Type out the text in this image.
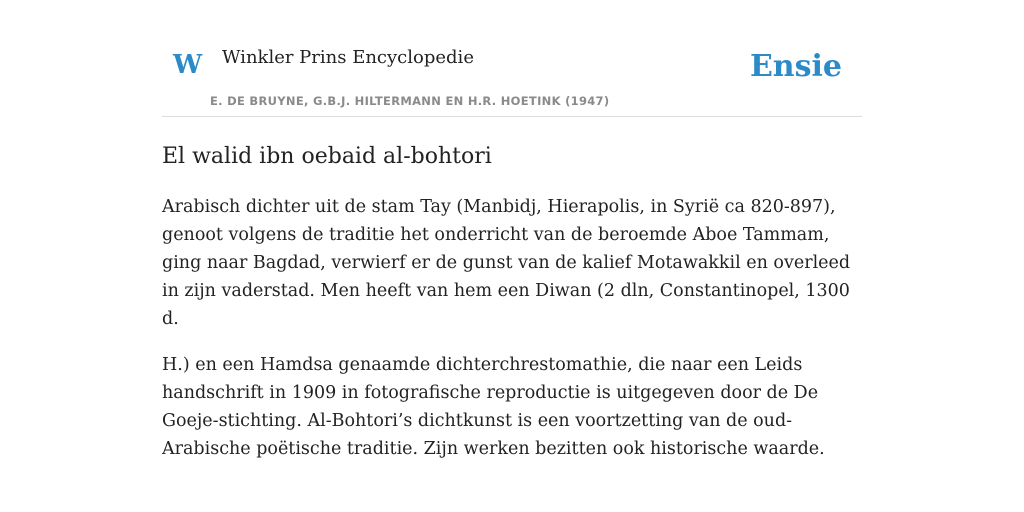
W Winkler Prins Encyclopedie
E. DE BRUYNE, G.B.J. HILTERMANN EN H.R. HOETINK (1947)
Ensie
El walid ibn oebaid al-bohtori

Arabisch dichter uit de stam Tay (Manbidj, Hierapolis, in Syrië ca 820-897), genoot volgens de traditie het onderricht van de beroemde Aboe Tammam, ging naar Bagdad, verwierf er de gunst van de kalief Motawakkil en overleed in zijn vaderstad. Men heeft van hem een Diwan (2 dln, Constantinopel, 1300 d.

H.) en een Hamdsa genaamde dichterchrestomathie, die naar een Leids handschrift in 1909 in fotografische reproductie is uitgegeven door de De Goeje-stichting. Al-Bohtori’s dichtkunst is een voortzetting van de oud-Arabische poëtische traditie. Zijn werken bezitten ook historische waarde.
